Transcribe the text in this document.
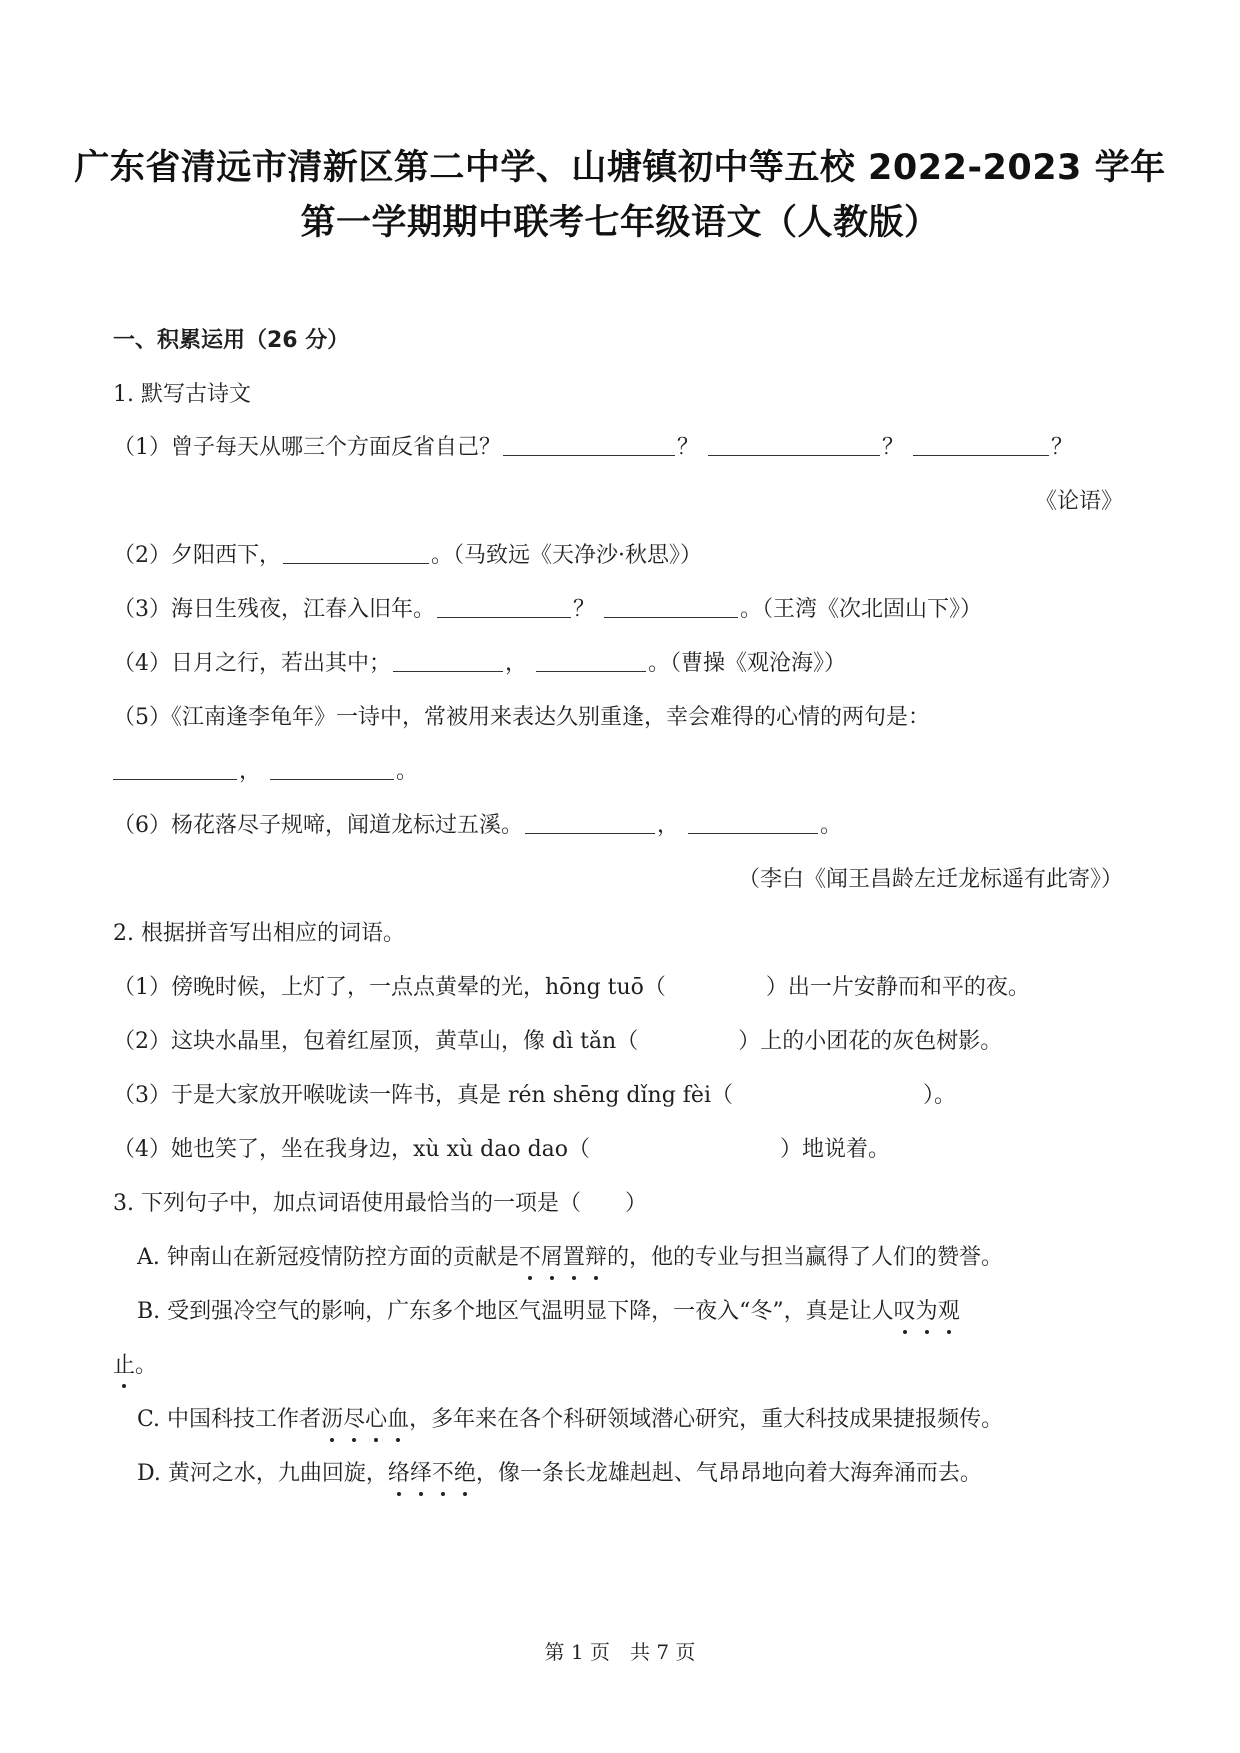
广东省清远市清新区第二中学、山塘镇初中等五校 2022-2023 学年
第一学期期中联考七年级语文（人教版）
一、积累运用（26 分）
1. 默写古诗文
（1）曾子每天从哪三个方面反省自己？	？	？	？
《论语》
（2）夕阳西下，	。（马致远《天净沙·秋思》）
（3）海日生残夜，江春入旧年。	？	。（王湾《次北固山下》）
（4）日月之行，若出其中；	，	。（曹操《观沧海》）
（5）《江南逢李龟年》一诗中，常被用来表达久别重逢，幸会难得的心情的两句是：
，	。
（6）杨花落尽子规啼，闻道龙标过五溪。	，	。
（李白《闻王昌龄左迁龙标遥有此寄》）
2. 根据拼音写出相应的词语。
（1）傍晚时候，上灯了，一点点黄晕的光，hōng tuō（	）出一片安静而和平的夜。
（2）这块水晶里，包着红屋顶，黄草山，像 dì tǎn（	）上的小团花的灰色树影。
（3）于是大家放开喉咙读一阵书，真是 rén shēng dǐng fèi（	）。
（4）她也笑了，坐在我身边，xù xù dao dao（	）地说着。
3. 下列句子中，加点词语使用最恰当的一项是（　　）
A. 钟南山在新冠疫情防控方面的贡献是不屑置辩的，他的专业与担当赢得了人们的赞誉。
B. 受到强冷空气的影响，广东多个地区气温明显下降，一夜入“冬”，真是让人叹为观
止。
C. 中国科技工作者沥尽心血，多年来在各个科研领域潜心研究，重大科技成果捷报频传。
D. 黄河之水，九曲回旋，络绎不绝，像一条长龙雄赳赳、气昂昂地向着大海奔涌而去。
第 1 页　共 7 页
